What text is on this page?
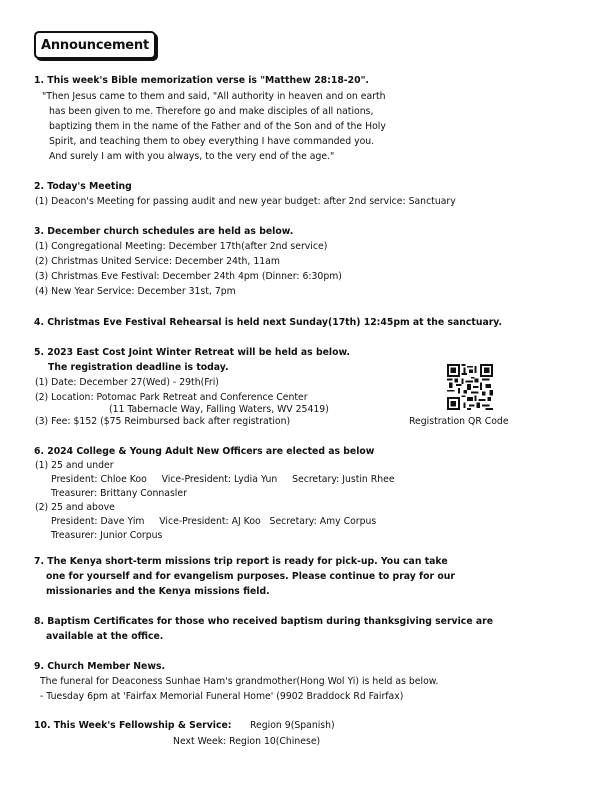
Announcement
1. This week's Bible memorization verse is "Matthew 28:18-20".
"Then Jesus came to them and said, "All authority in heaven and on earth
has been given to me. Therefore go and make disciples of all nations,
baptizing them in the name of the Father and of the Son and of the Holy
Spirit, and teaching them to obey everything I have commanded you.
And surely I am with you always, to the very end of the age."
2. Today's Meeting
(1) Deacon's Meeting for passing audit and new year budget: after 2nd service: Sanctuary
3. December church schedules are held as below.
(1) Congregational Meeting: December 17th(after 2nd service)
(2) Christmas United Service: December 24th, 11am
(3) Christmas Eve Festival: December 24th 4pm (Dinner: 6:30pm)
(4) New Year Service: December 31st, 7pm
4. Christmas Eve Festival Rehearsal is held next Sunday(17th) 12:45pm at the sanctuary.
5. 2023 East Cost Joint Winter Retreat will be held as below.
The registration deadline is today.
(1) Date: December 27(Wed) - 29th(Fri)
(2) Location: Potomac Park Retreat and Conference Center
(11 Tabernacle Way, Falling Waters, WV 25419)
(3) Fee: $152 ($75 Reimbursed back after registration)	Registration QR Code
6. 2024 College & Young Adult New Officers are elected as below
(1) 25 and under
President: Chloe Koo     Vice-President: Lydia Yun     Secretary: Justin Rhee
Treasurer: Brittany Connasler
(2) 25 and above
President: Dave Yim     Vice-President: AJ Koo   Secretary: Amy Corpus
Treasurer: Junior Corpus
7. The Kenya short-term missions trip report is ready for pick-up. You can take
one for yourself and for evangelism purposes. Please continue to pray for our
missionaries and the Kenya missions field.
8. Baptism Certificates for those who received baptism during thanksgiving service are
available at the office.
9. Church Member News.
The funeral for Deaconess Sunhae Ham's grandmother(Hong Wol Yi) is held as below.
- Tuesday 6pm at 'Fairfax Memorial Funeral Home' (9902 Braddock Rd Fairfax)
10. This Week's Fellowship & Service: Region 9(Spanish)
Next Week: Region 10(Chinese)
